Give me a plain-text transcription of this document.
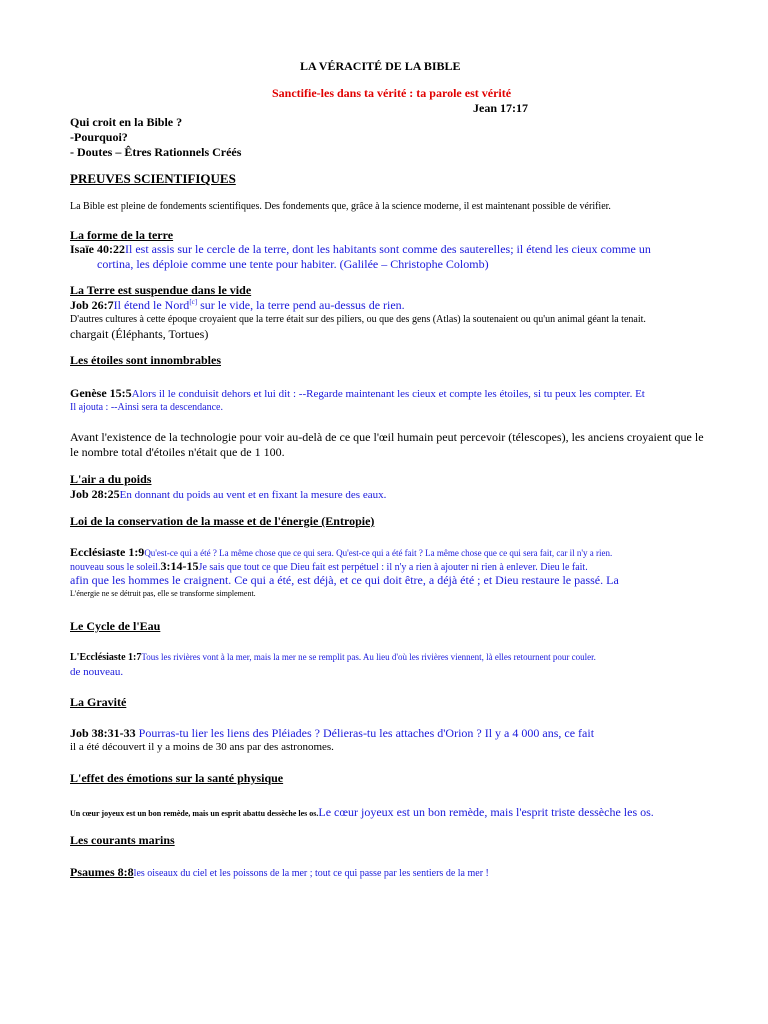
LA VÉRACITÉ DE LA BIBLE
Sanctifie-les dans ta vérité : ta parole est vérité
Jean 17:17
Qui croit en la Bible ?
-Pourquoi?
- Doutes – Êtres Rationnels Créés
PREUVES SCIENTIFIQUES
La Bible est pleine de fondements scientifiques. Des fondements que, grâce à la science moderne, il est maintenant possible de vérifier.
La forme de la terre
Isaïe 40:22Il est assis sur le cercle de la terre, dont les habitants sont comme des sauterelles; il étend les cieux comme un
cortina, les déploie comme une tente pour habiter. (Galilée – Christophe Colomb)
La Terre est suspendue dans le vide
Job 26:7Il étend le Nord[c] sur le vide, la terre pend au-dessus de rien.
D'autres cultures à cette époque croyaient que la terre était sur des piliers, ou que des gens (Atlas) la soutenaient ou qu'un animal géant la tenait.
chargait (Éléphants, Tortues)
Les étoiles sont innombrables
Genèse 15:5Alors il le conduisit dehors et lui dit : --Regarde maintenant les cieux et compte les étoiles, si tu peux les compter. Et
Il ajouta : --Ainsi sera ta descendance.
Avant l'existence de la technologie pour voir au-delà de ce que l'œil humain peut percevoir (télescopes), les anciens croyaient que le
le nombre total d'étoiles n'était que de 1 100.
L'air a du poids
Job 28:25En donnant du poids au vent et en fixant la mesure des eaux.
Loi de la conservation de la masse et de l'énergie (Entropie)
Ecclésiaste 1:9Qu'est-ce qui a été ? La même chose que ce qui sera. Qu'est-ce qui a été fait ? La même chose que ce qui sera fait, car il n'y a rien.
nouveau sous le soleil.3:14-15Je sais que tout ce que Dieu fait est perpétuel : il n'y a rien à ajouter ni rien à enlever. Dieu le fait.
afin que les hommes le craignent. Ce qui a été, est déjà, et ce qui doit être, a déjà été ; et Dieu restaure le passé. La
L'énergie ne se détruit pas, elle se transforme simplement.
Le Cycle de l'Eau
L'Ecclésiaste 1:7Tous les rivières vont à la mer, mais la mer ne se remplit pas. Au lieu d'où les rivières viennent, là elles retournent pour couler.
de nouveau.
La Gravité
Job 38:31-33 Pourras-tu lier les liens des Pléiades ? Délieras-tu les attaches d'Orion ? Il y a 4 000 ans, ce fait
il a été découvert il y a moins de 30 ans par des astronomes.
L'effet des émotions sur la santé physique
Un cœur joyeux est un bon remède, mais un esprit abattu dessèche les os.Le cœur joyeux est un bon remède, mais l'esprit triste dessèche les os.
Les courants marins
Psaumes 8:8les oiseaux du ciel et les poissons de la mer ; tout ce qui passe par les sentiers de la mer !
